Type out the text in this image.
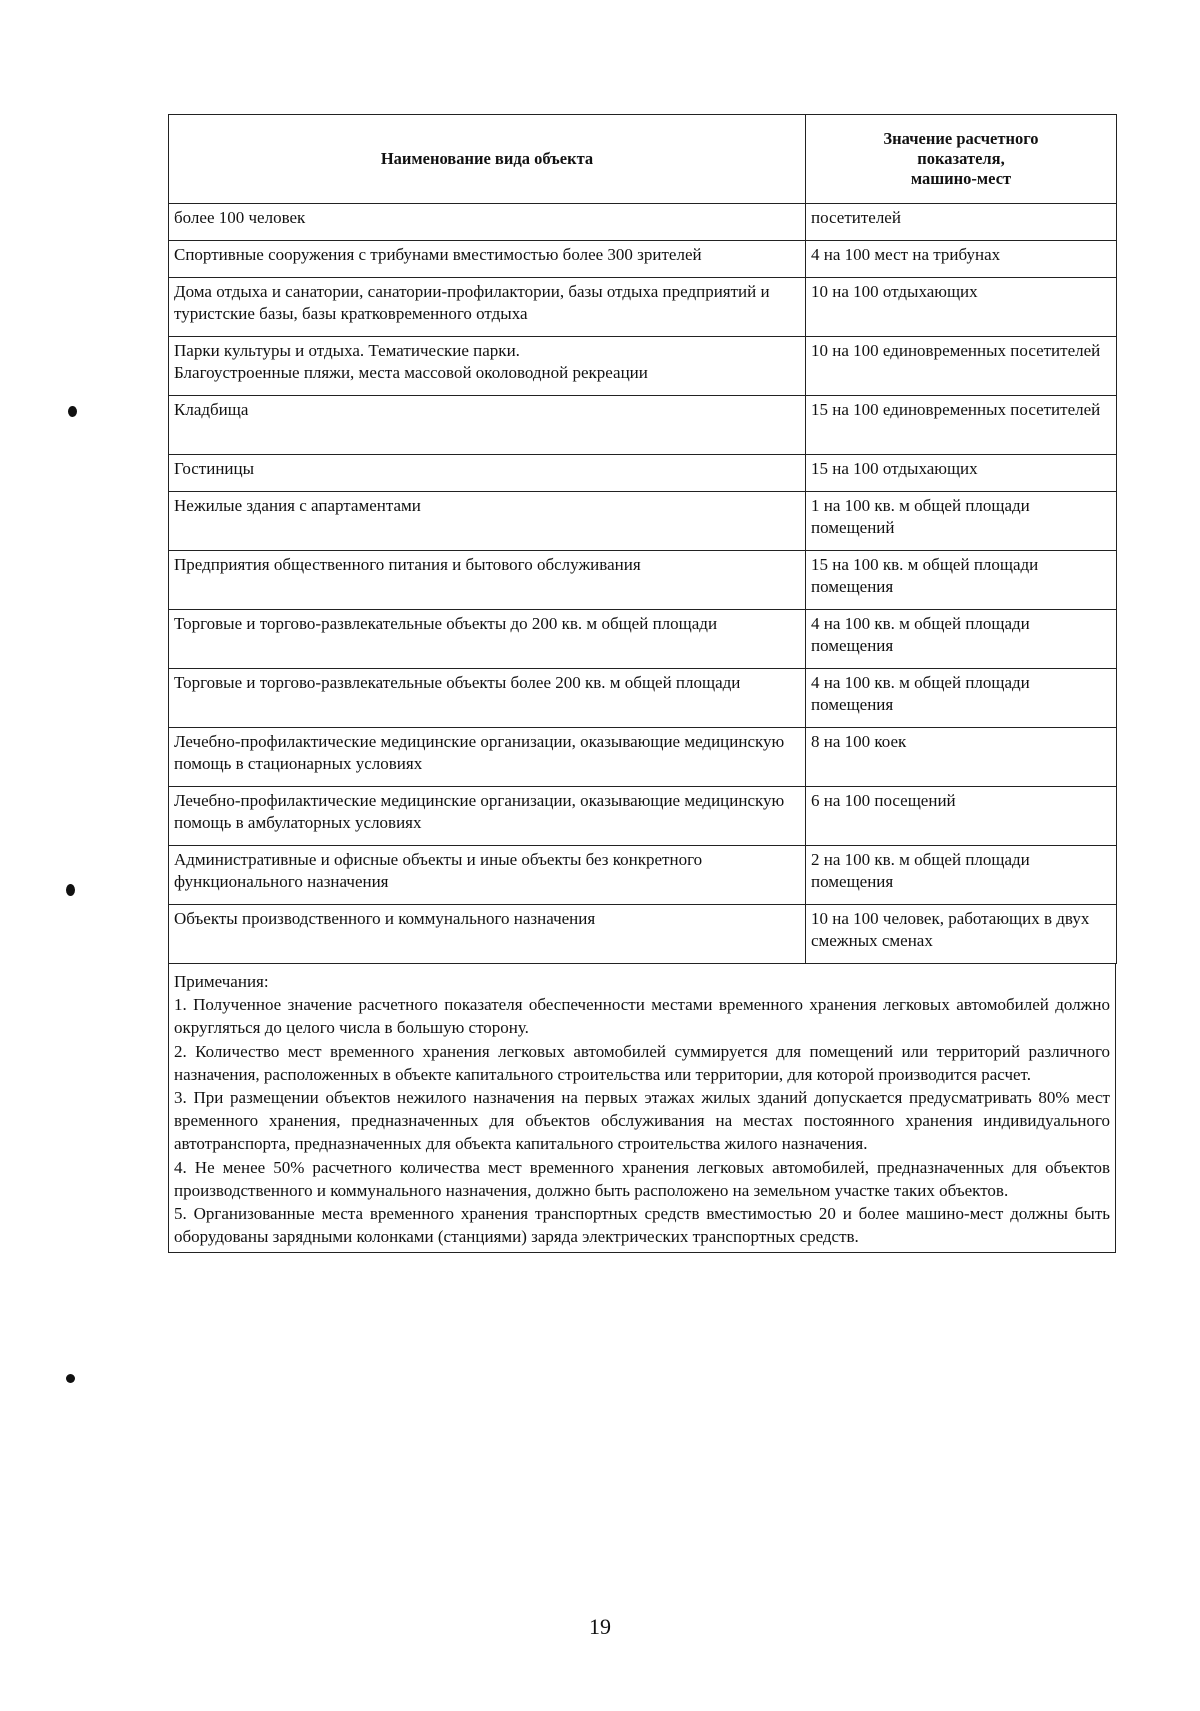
Наименование вида объекта	Значение расчетного
показателя,
машино-мест

более 100 человек	посетителей
Спортивные сооружения с трибунами вместимостью более 300 зрителей	4 на 100 мест на трибунах
Дома отдыха и санатории, санатории-профилактории, базы отдыха предприятий и туристские базы, базы кратковременного отдыха	10 на 100 отдыхающих

Парки культуры и отдыха. Тематические парки.
Благоустроенные пляжи, места массовой околоводной рекреации	10 на 100 единовременных посетителей
Кладбища	15 на 100 единовременных посетителей
Гостиницы	15 на 100 отдыхающих
Нежилые здания с апартаментами	1 на 100 кв. м общей площади помещений
Предприятия общественного питания и бытового обслуживания	15 на 100 кв. м общей площади помещения
Торговые и торгово-развлекательные объекты до 200 кв. м общей площади	4 на 100 кв. м общей площади помещения
Торговые и торгово-развлекательные объекты более 200 кв. м общей площади	4 на 100 кв. м общей площади помещения
Лечебно-профилактические медицинские организации, оказывающие медицинскую помощь в стационарных условиях	8 на 100 коек
Лечебно-профилактические медицинские организации, оказывающие медицинскую помощь в амбулаторных условиях	6 на 100 посещений
Административные и офисные объекты и иные объекты без конкретного функционального назначения	2 на 100 кв. м общей площади помещения
Объекты производственного и коммунального назначения	10 на 100 человек, работающих в двух смежных сменах

Примечания:

1. Полученное значение расчетного показателя обеспеченности местами временного хранения легковых автомобилей должно округляться до целого числа в большую сторону.

2. Количество мест временного хранения легковых автомобилей суммируется для помещений или территорий различного назначения, расположенных в объекте капитального строительства или территории, для которой производится расчет.

3. При размещении объектов нежилого назначения на первых этажах жилых зданий допускается предусматривать 80% мест временного хранения, предназначенных для объектов обслуживания на местах постоянного хранения индивидуального автотранспорта, предназначенных для объекта капитального строительства жилого назначения.

4. Не менее 50% расчетного количества мест временного хранения легковых автомобилей, предназначенных для объектов производственного и коммунального назначения, должно быть расположено на земельном участке таких объектов.

5. Организованные места временного хранения транспортных средств вместимостью 20 и более машино-мест должны быть оборудованы зарядными колонками (станциями) заряда электрических транспортных средств.

19
